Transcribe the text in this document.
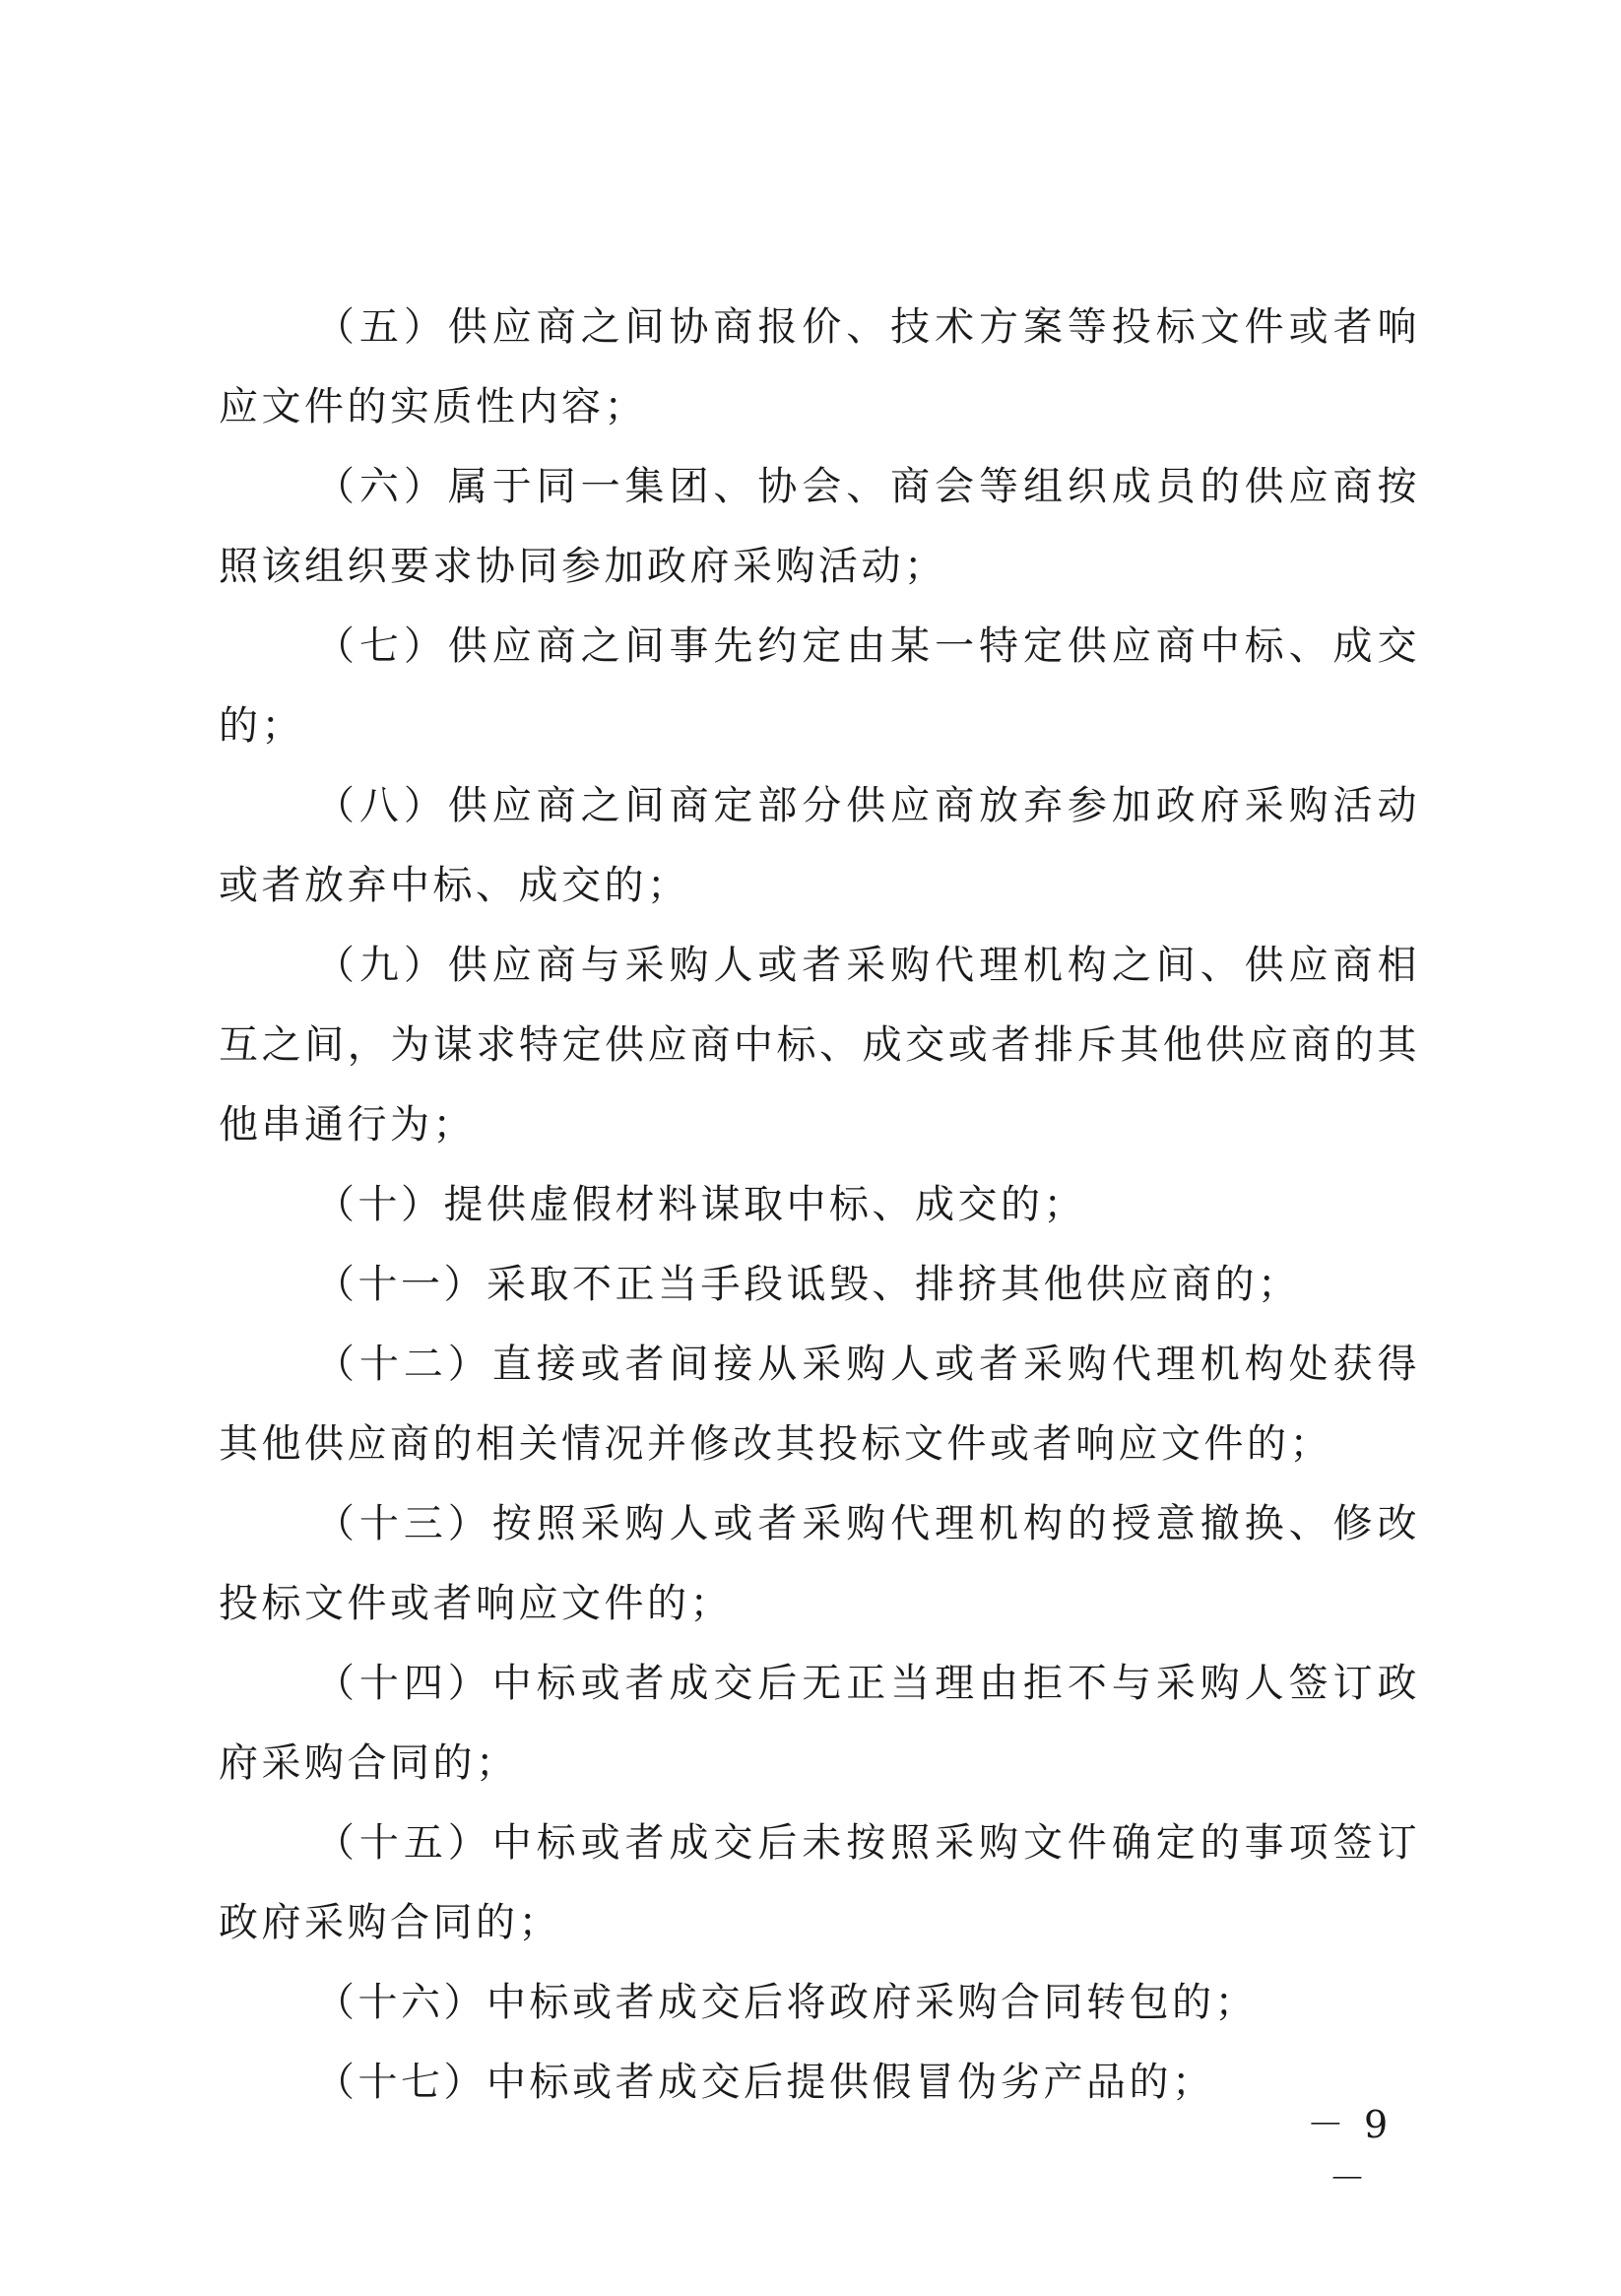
（五）供应商之间协商报价、技术方案等投标文件或者响应文件的实质性内容；

（六）属于同一集团、协会、商会等组织成员的供应商按照该组织要求协同参加政府采购活动；

（七）供应商之间事先约定由某一特定供应商中标、成交的；

（八）供应商之间商定部分供应商放弃参加政府采购活动或者放弃中标、成交的；

（九）供应商与采购人或者采购代理机构之间、供应商相互之间，为谋求特定供应商中标、成交或者排斥其他供应商的其他串通行为；

（十）提供虚假材料谋取中标、成交的；

（十一）采取不正当手段诋毁、排挤其他供应商的；

（十二）直接或者间接从采购人或者采购代理机构处获得其他供应商的相关情况并修改其投标文件或者响应文件的；

（十三）按照采购人或者采购代理机构的授意撤换、修改投标文件或者响应文件的；

（十四）中标或者成交后无正当理由拒不与采购人签订政府采购合同的；

（十五）中标或者成交后未按照采购文件确定的事项签订政府采购合同的；

（十六）中标或者成交后将政府采购合同转包的；

（十七）中标或者成交后提供假冒伪劣产品的；

－ 9 －
